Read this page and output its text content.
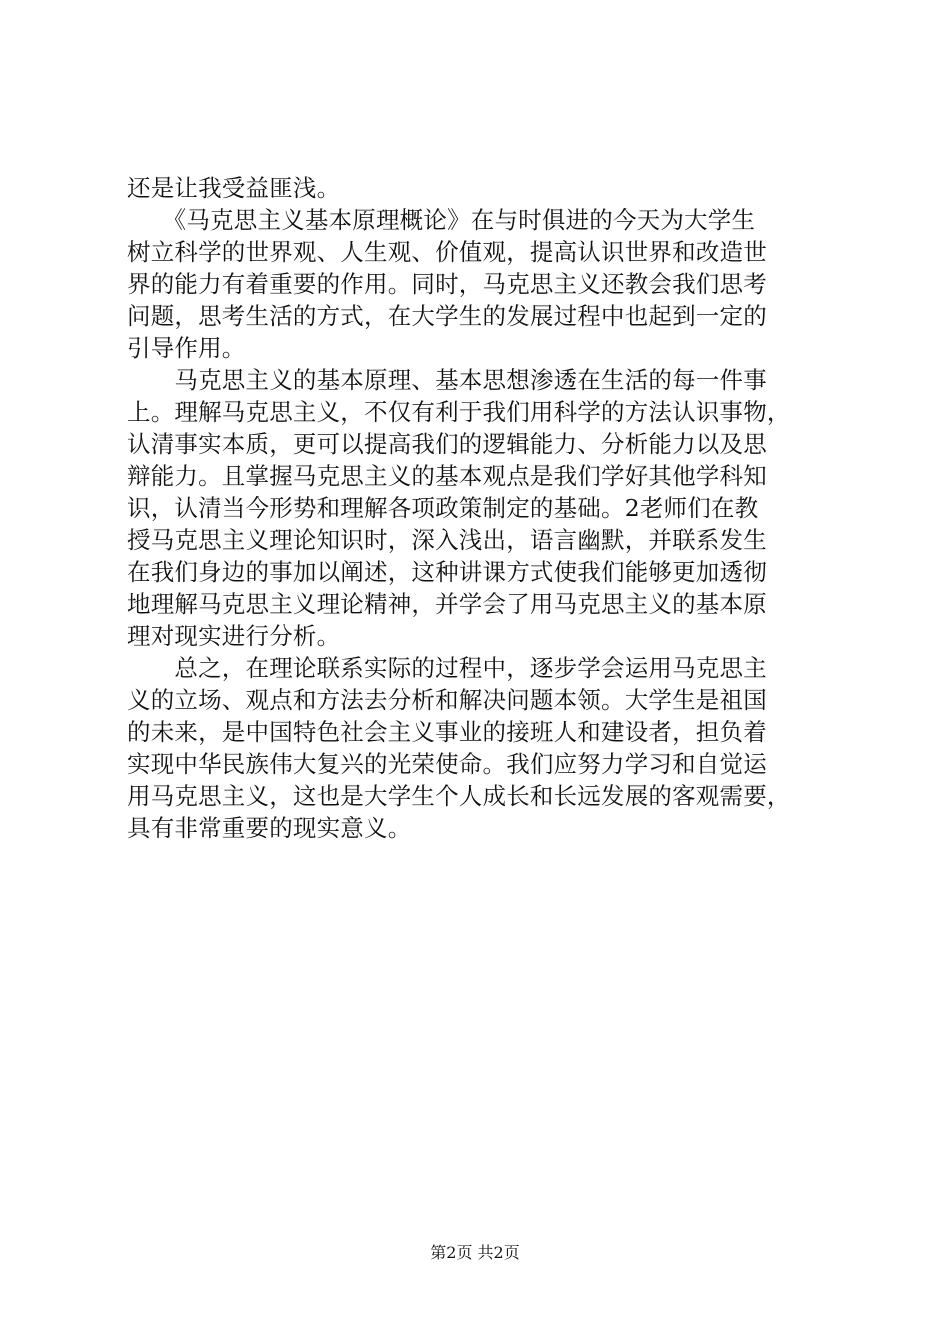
还是让我受益匪浅。
　　《马克思主义基本原理概论》在与时俱进的今天为大学生
树立科学的世界观、人生观、价值观，提高认识世界和改造世
界的能力有着重要的作用。同时，马克思主义还教会我们思考
问题，思考生活的方式，在大学生的发展过程中也起到一定的
引导作用。
　　马克思主义的基本原理、基本思想渗透在生活的每一件事
上。理解马克思主义，不仅有利于我们用科学的方法认识事物，
认清事实本质，更可以提高我们的逻辑能力、分析能力以及思
辩能力。且掌握马克思主义的基本观点是我们学好其他学科知
识，认清当今形势和理解各项政策制定的基础。2老师们在教
授马克思主义理论知识时，深入浅出，语言幽默，并联系发生
在我们身边的事加以阐述，这种讲课方式使我们能够更加透彻
地理解马克思主义理论精神，并学会了用马克思主义的基本原
理对现实进行分析。
　　总之，在理论联系实际的过程中，逐步学会运用马克思主
义的立场、观点和方法去分析和解决问题本领。大学生是祖国
的未来，是中国特色社会主义事业的接班人和建设者，担负着
实现中华民族伟大复兴的光荣使命。我们应努力学习和自觉运
用马克思主义，这也是大学生个人成长和长远发展的客观需要，
具有非常重要的现实意义。
第2页 共2页
